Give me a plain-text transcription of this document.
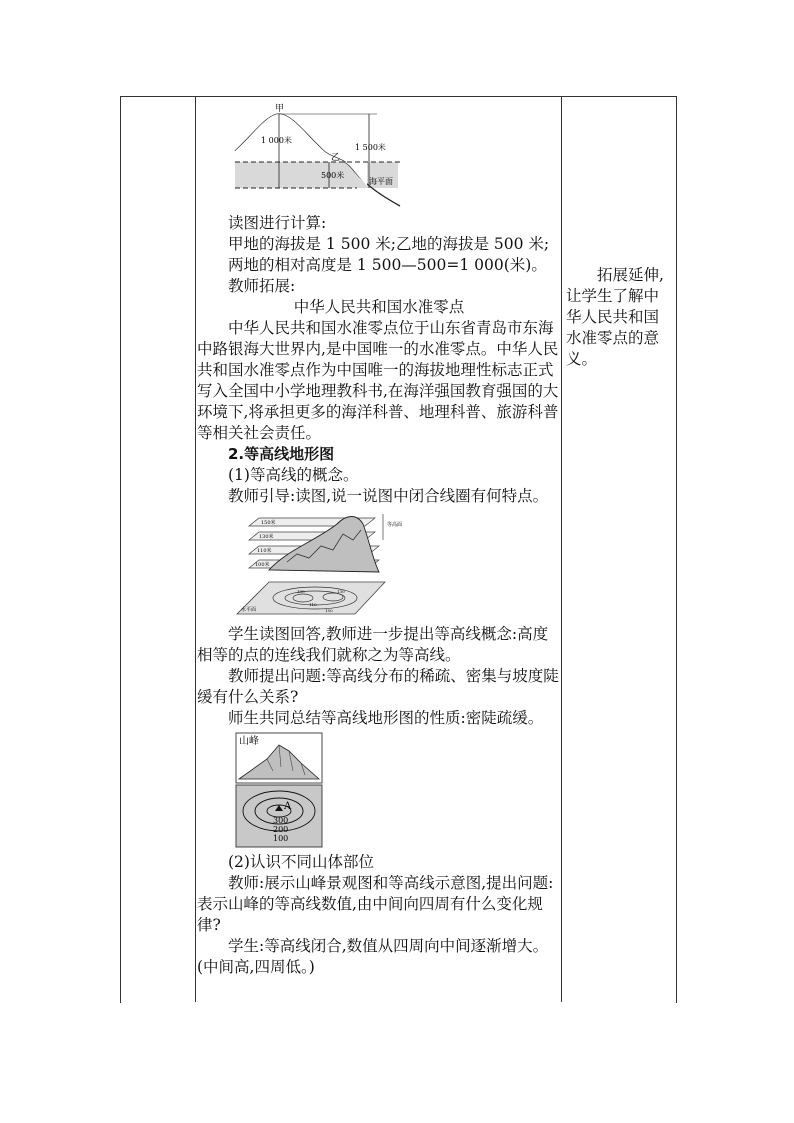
甲
乙
1 000米
1 500米
500米
海平面

读图进行计算:

甲地的海拔是 1 500 米;乙地的海拔是 500 米;

两地的相对高度是 1 500—500=1 000(米)。

教师拓展:

中华人民共和国水准零点

中华人民共和国水准零点位于山东省青岛市东海中路银海大世界内,是中国唯一的水准零点。中华人民共和国水准零点作为中国唯一的海拔地理性标志正式写入全国中小学地理教科书,在海洋强国教育强国的大环境下,将承担更多的海洋科普、地理科普、旅游科普等相关社会责任。

2.等高线地形图

(1)等高线的概念。

教师引导:读图,说一说图中闭合线圈有何特点。

150米
130米
110米
100米
等高面
水平面
130
110
130
150

学生读图回答,教师进一步提出等高线概念:高度相等的点的连线我们就称之为等高线。

教师提出问题:等高线分布的稀疏、密集与坡度陡缓有什么关系?

师生共同总结等高线地形图的性质:密陡疏缓。

山峰
A
300
200
100

(2)认识不同山体部位

教师:展示山峰景观图和等高线示意图,提出问题:表示山峰的等高线数值,由中间向四周有什么变化规律?

学生:等高线闭合,数值从四周向中间逐渐增大。(中间高,四周低。)

拓展延伸,让学生了解中华人民共和国水准零点的意义。
